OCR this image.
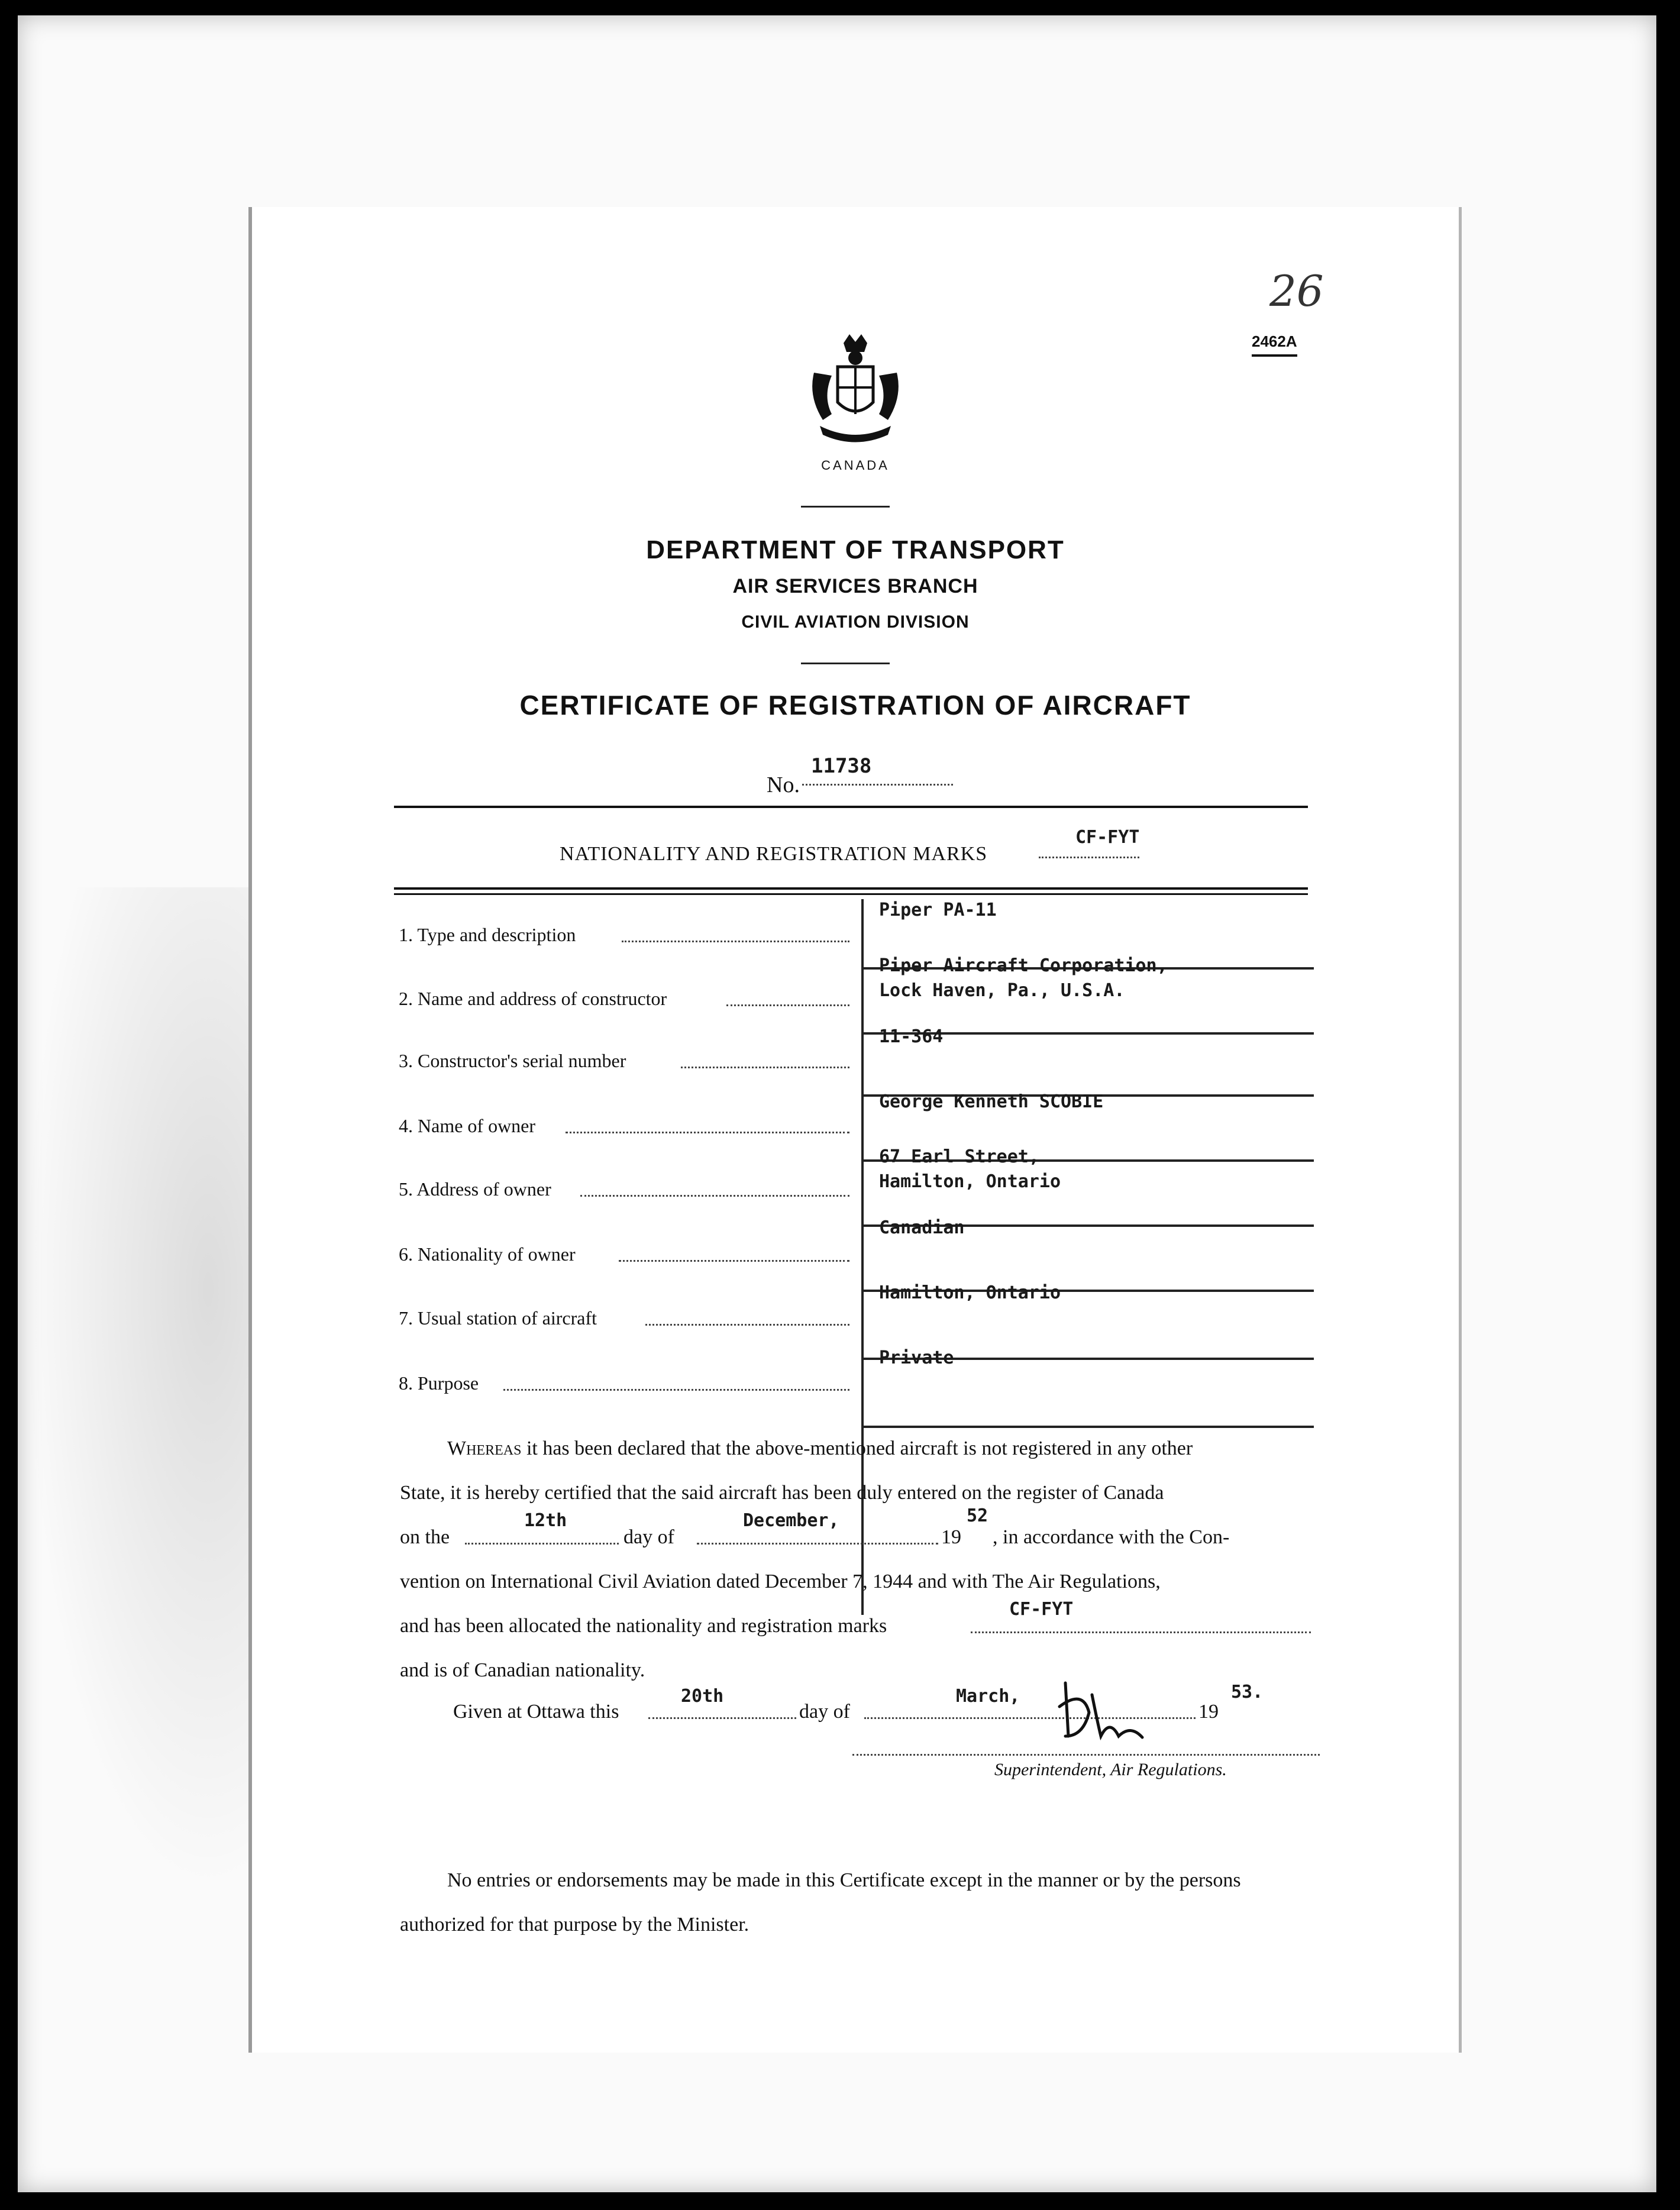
26
2462A
CANADA
DEPARTMENT OF TRANSPORT
AIR SERVICES BRANCH
CIVIL AVIATION DIVISION
CERTIFICATE OF REGISTRATION OF AIRCRAFT
No.
11738
NATIONALITY AND REGISTRATION MARKS
CF-FYT
1. Type and description
Piper PA-11
2. Name and address of constructor
Piper Aircraft Corporation,
Lock Haven, Pa., U.S.A.
3. Constructor's serial number
11-364
4. Name of owner
George Kenneth SCOBIE
5. Address of owner
67 Earl Street,
Hamilton, Ontario
6. Nationality of owner
Canadian
7. Usual station of aircraft
Hamilton, Ontario
8. Purpose
Private
Whereas it has been declared that the above-mentioned aircraft is not registered in any other
State, it is hereby certified that the said aircraft has been duly entered on the register of Canada
on the
12th
day of
December,
19
52
, in accordance with the Con-
vention on International Civil Aviation dated December 7, 1944 and with The Air Regulations,
and has been allocated the nationality and registration marks
CF-FYT
and is of Canadian nationality.
Given at Ottawa this
20th
day of
March,
19
53.
Superintendent, Air Regulations.
No entries or endorsements may be made in this Certificate except in the manner or by the persons
authorized for that purpose by the Minister.
